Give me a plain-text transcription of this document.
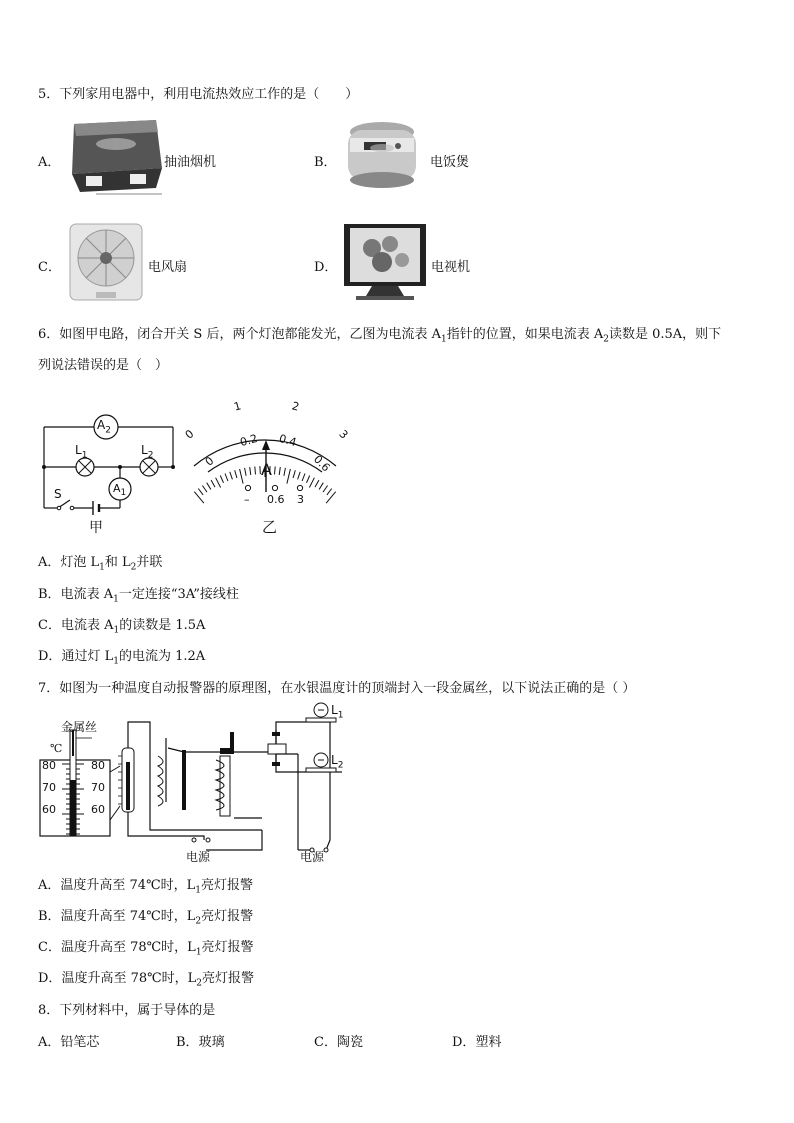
5．下列家用电器中，利用电流热效应工作的是（　　）
A．	抽油烟机	B．	电饭煲
C．	电风扇	D．	电视机
6．如图甲电路，闭合开关 S 后，两个灯泡都能发光，乙图为电流表 $A_1$指针的位置，如果电流表 $A_2$读数是 0.5A，则下
列说法错误的是（　）
$A_2$
$L_1$	$L_2$
$A_1$
S
甲
0
1	2
3
0
0.2 0.4
0.6
A
– 0.6 3
乙
A．灯泡 $L_1$和 $L_2$并联
B．电流表 $A_1$一定连接“3A”接线柱
C．电流表 $A_1$的读数是 1.5A
D．通过灯 $L_1$的电流为 1.2A
7．如图为一种温度自动报警器的原理图，在水银温度计的顶端封入一段金属丝，以下说法正确的是（ ）
金属丝
℃
80
70
60
80
70
60
$L_1$
$L_2$
电源	电源
A．温度升高至 74℃时，$L_1$亮灯报警
B．温度升高至 74℃时，$L_2$亮灯报警
C．温度升高至 78℃时，$L_1$亮灯报警
D．温度升高至 78℃时，$L_2$亮灯报警
8．下列材料中，属于导体的是
A．铅笔芯	B．玻璃	C．陶瓷	D．塑料
